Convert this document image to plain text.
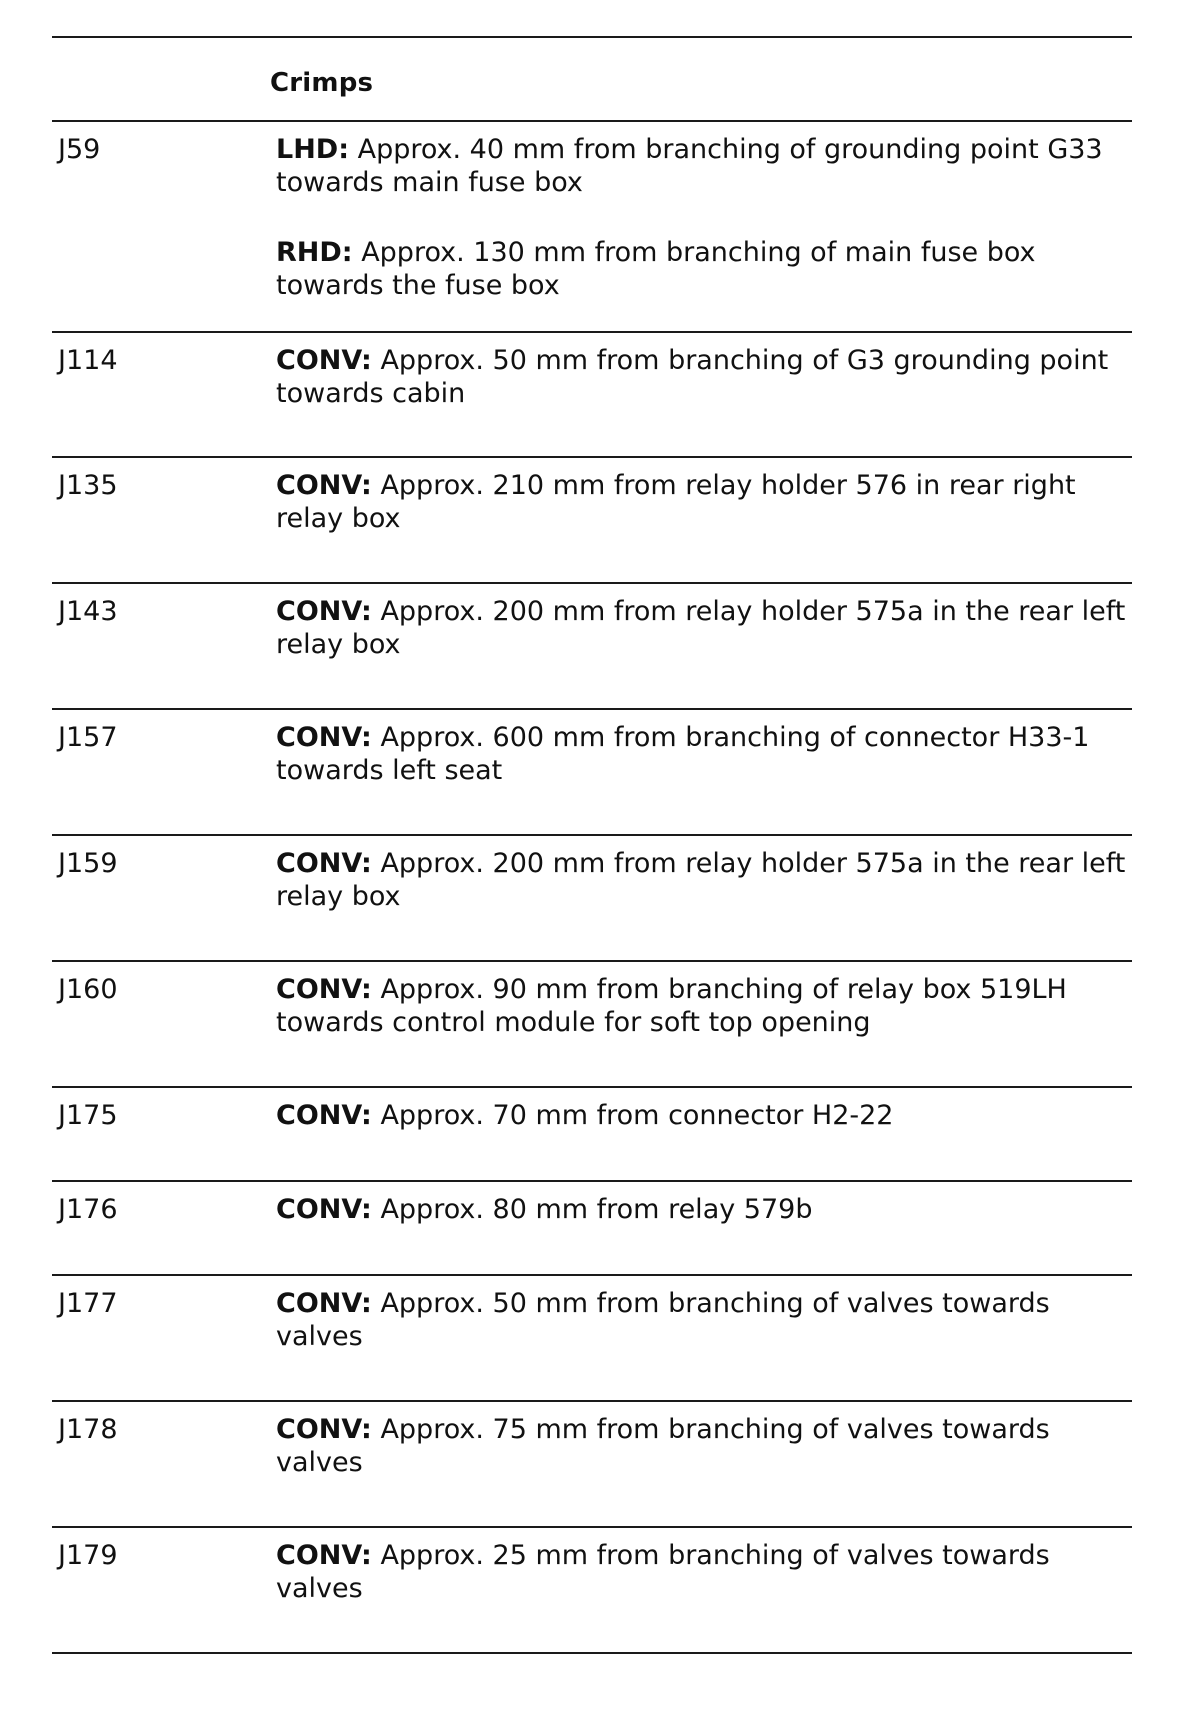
Crimps
J59	LHD: Approx. 40 mm from branching of grounding point G33 towards main fuse box

RHD: Approx. 130 mm from branching of main fuse box towards the fuse box

J114	CONV: Approx. 50 mm from branching of G3 grounding point towards cabin

J135	CONV: Approx. 210 mm from relay holder 576 in rear right relay box

J143	CONV: Approx. 200 mm from relay holder 575a in the rear left relay box

J157	CONV: Approx. 600 mm from branching of connector H33-1 towards left seat

J159	CONV: Approx. 200 mm from relay holder 575a in the rear left relay box

J160	CONV: Approx. 90 mm from branching of relay box 519LH towards control module for soft top opening

J175	CONV: Approx. 70 mm from connector H2-22

J176	CONV: Approx. 80 mm from relay 579b

J177	CONV: Approx. 50 mm from branching of valves towards valves

J178	CONV: Approx. 75 mm from branching of valves towards valves

J179	CONV: Approx. 25 mm from branching of valves towards valves
